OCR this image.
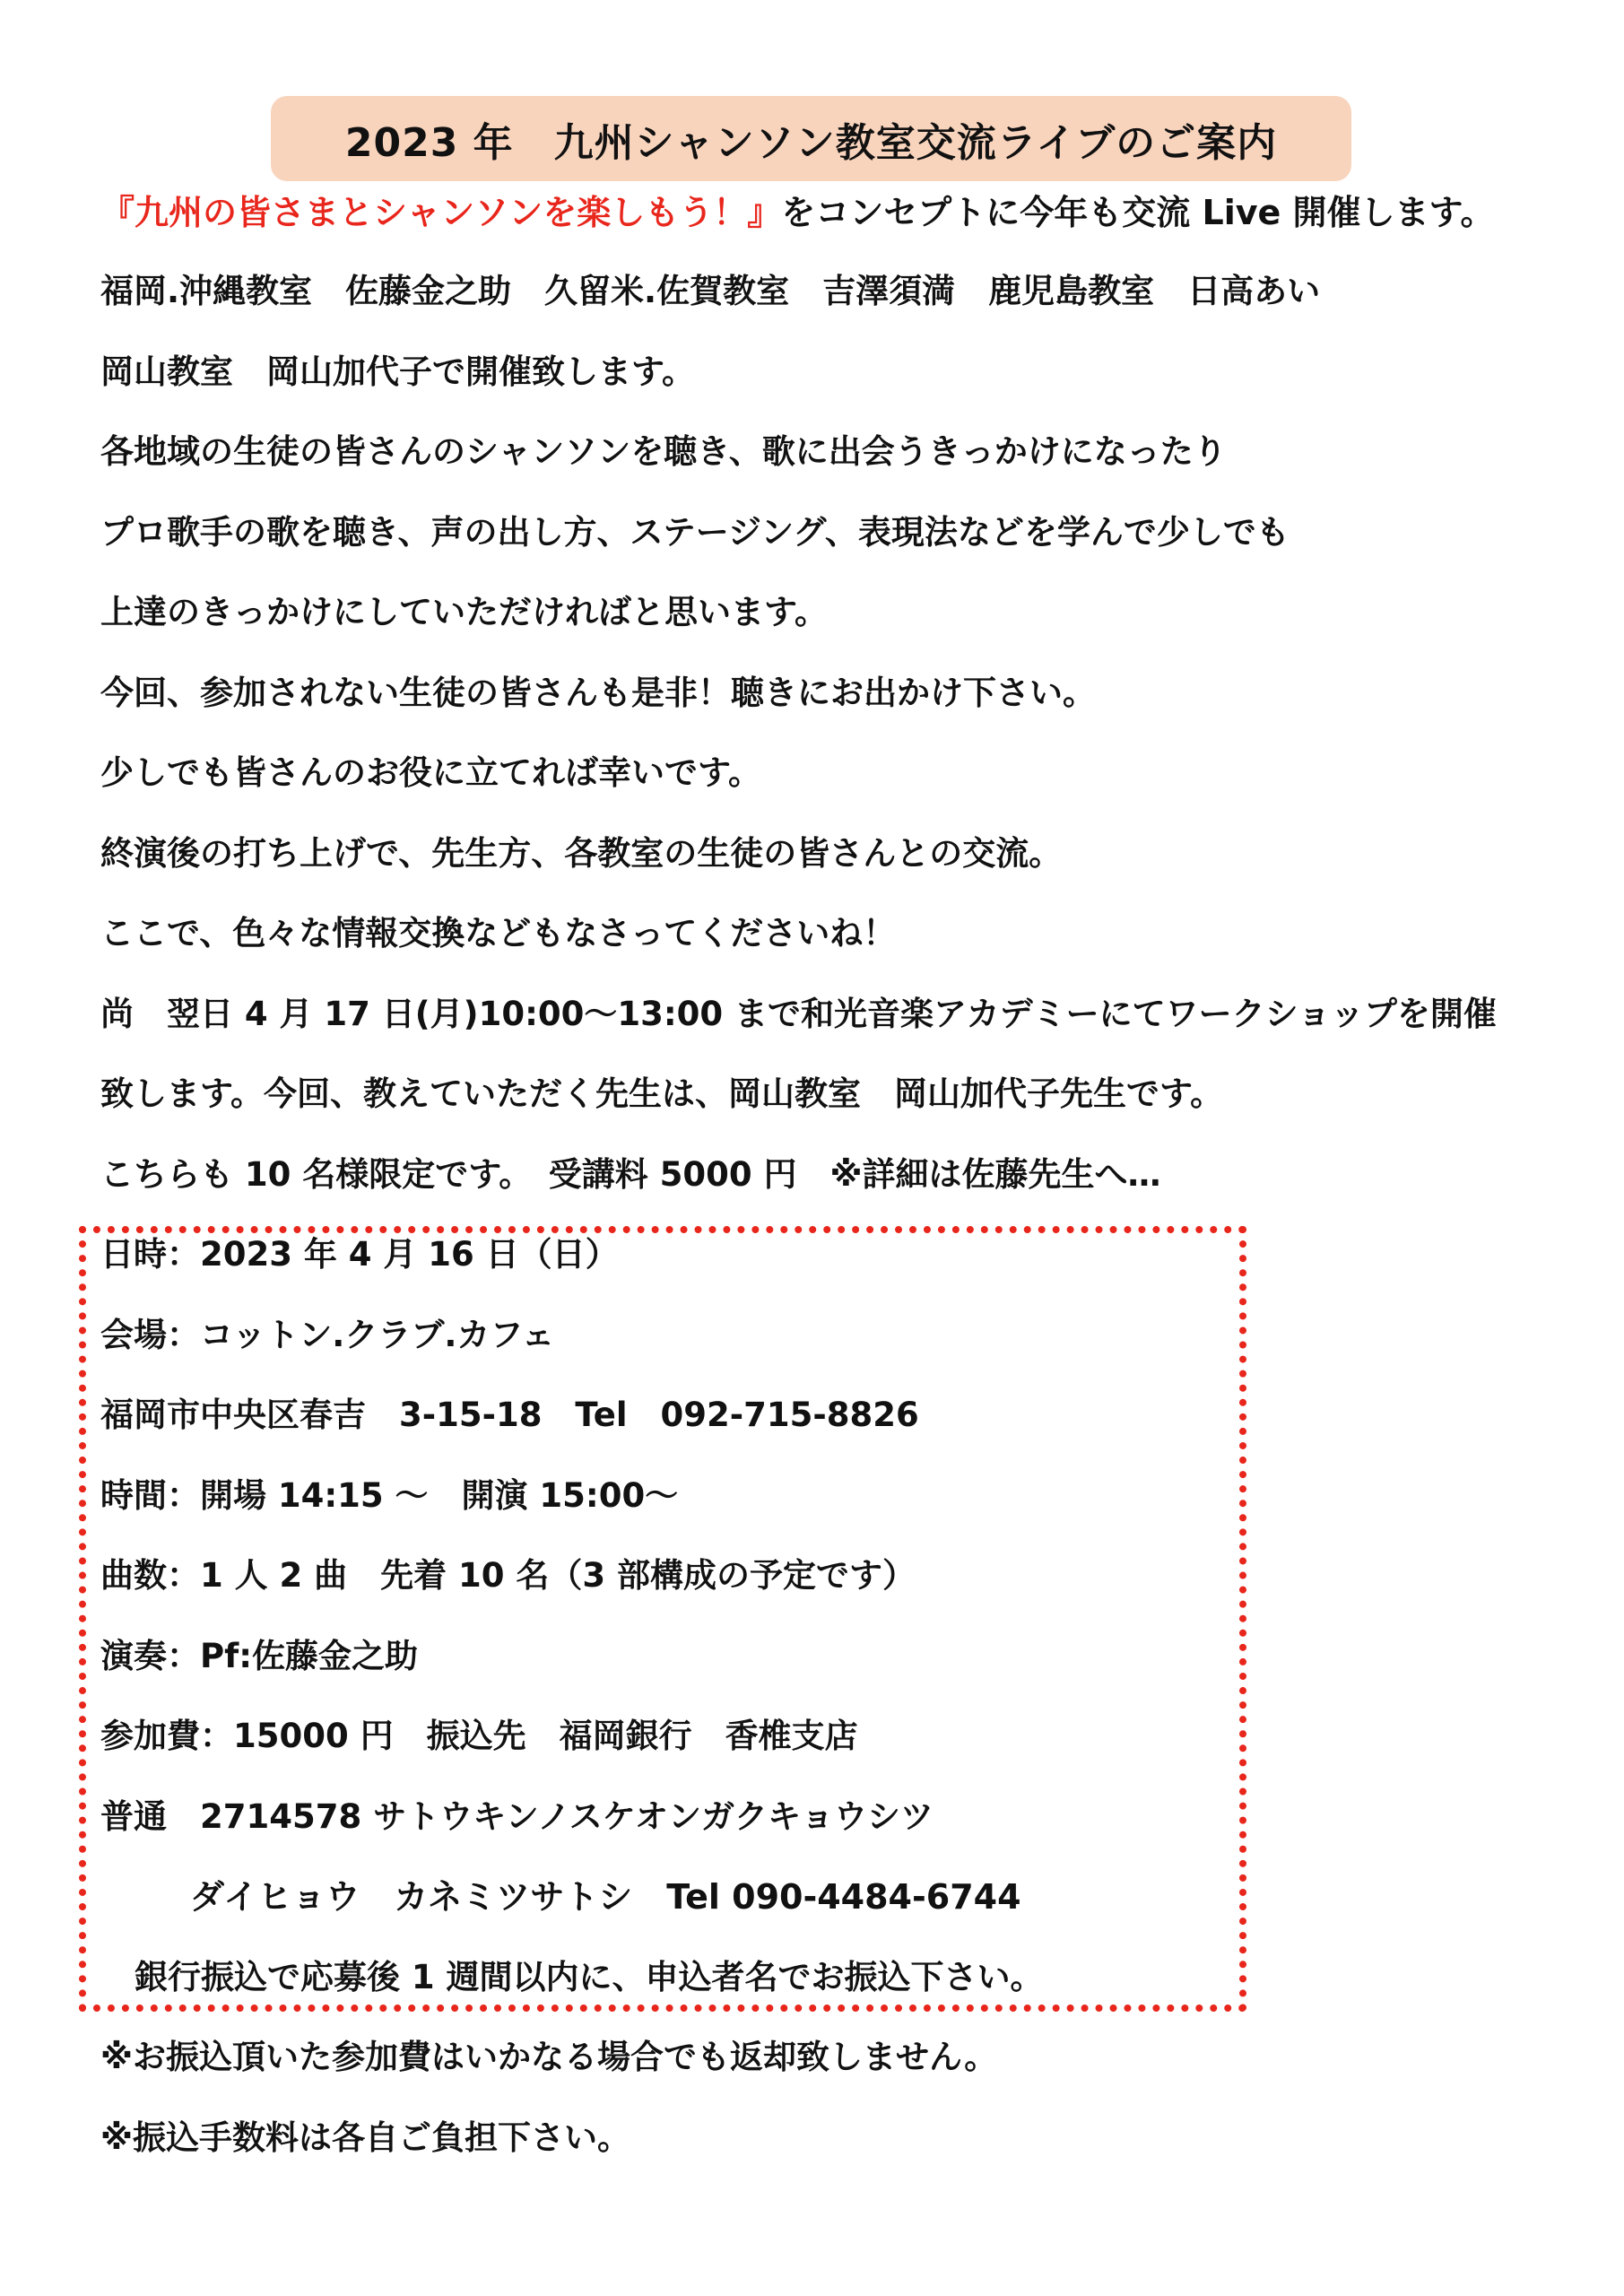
2023 年　九州シャンソン教室交流ライブのご案内
『九州の皆さまとシャンソンを楽しもう！』をコンセプトに今年も交流 Live 開催します。
福岡.沖縄教室　佐藤金之助　久留米.佐賀教室　吉澤須満　鹿児島教室　日高あい
岡山教室　岡山加代子で開催致します。
各地域の生徒の皆さんのシャンソンを聴き、歌に出会うきっかけになったり
プロ歌手の歌を聴き、声の出し方、ステージング、表現法などを学んで少しでも
上達のきっかけにしていただければと思います。
今回、参加されない生徒の皆さんも是非！聴きにお出かけ下さい。
少しでも皆さんのお役に立てれば幸いです。
終演後の打ち上げで、先生方、各教室の生徒の皆さんとの交流。
ここで、色々な情報交換などもなさってくださいね！
尚　翌日 4 月 17 日(月)10:00～13:00 まで和光音楽アカデミーにてワークショップを開催
致します。今回、教えていただく先生は、岡山教室　岡山加代子先生です。
こちらも 10 名様限定です。　受講料 5000 円　※詳細は佐藤先生へ…
日時：2023 年 4 月 16 日（日）
会場：コットン.クラブ.カフェ
福岡市中央区春吉　3-15-18　Tel　092-715-8826
時間：開場 14:15 ～　開演 15:00～
曲数：1 人 2 曲　先着 10 名（3 部構成の予定です）
演奏：Pf:佐藤金之助
参加費：15000 円　振込先　福岡銀行　香椎支店
普通　2714578 サトウキンノスケオンガクキョウシツ
ダイヒョウ　カネミツサトシ　Tel 090-4484-6744
銀行振込で応募後 1 週間以内に、申込者名でお振込下さい。
※お振込頂いた参加費はいかなる場合でも返却致しません。
※振込手数料は各自ご負担下さい。
